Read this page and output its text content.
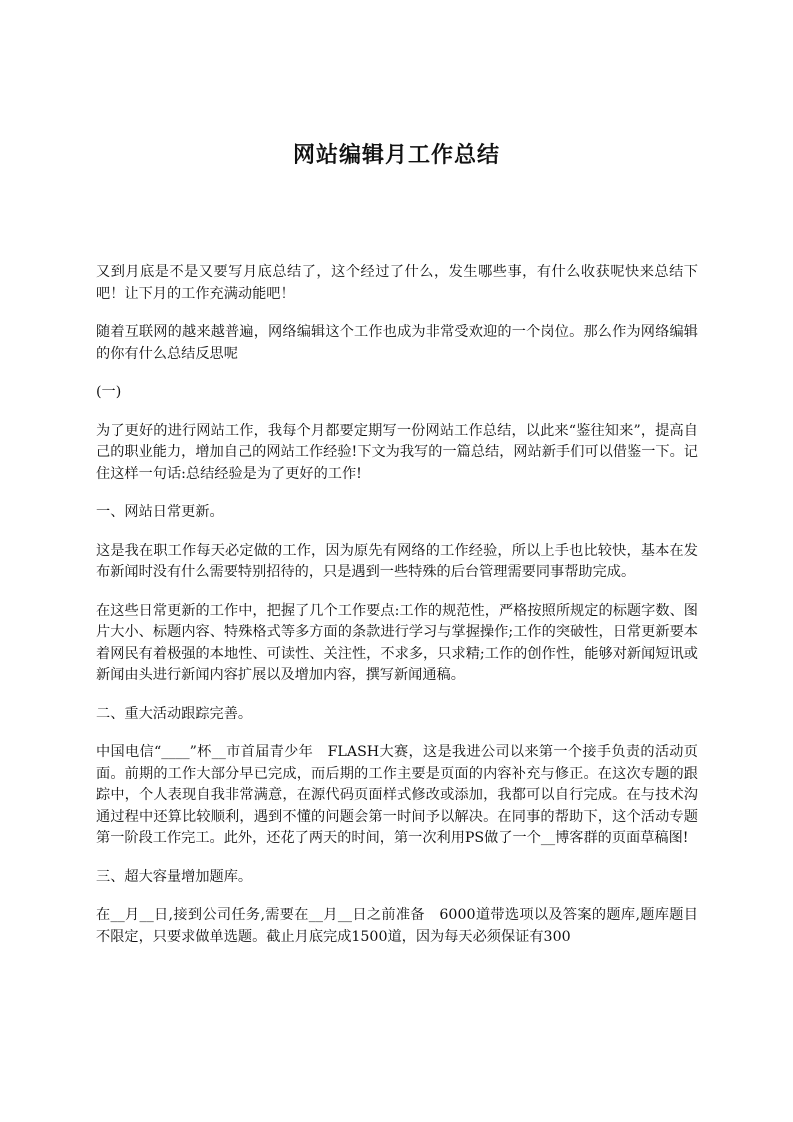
网站编辑月工作总结

又到月底是不是又要写月底总结了，这个经过了什么，发生哪些事，有什么收获呢快来总结下吧！让下月的工作充满动能吧！

随着互联网的越来越普遍，网络编辑这个工作也成为非常受欢迎的一个岗位。那么作为网络编辑的你有什么总结反思呢

(一)

为了更好的进行网站工作，我每个月都要定期写一份网站工作总结，以此来“鉴往知来”，提高自己的职业能力，增加自己的网站工作经验!下文为我写的一篇总结，网站新手们可以借鉴一下。记住这样一句话:总结经验是为了更好的工作!

一、网站日常更新。

这是我在职工作每天必定做的工作，因为原先有网络的工作经验，所以上手也比较快，基本在发布新闻时没有什么需要特别招待的，只是遇到一些特殊的后台管理需要同事帮助完成。

在这些日常更新的工作中，把握了几个工作要点:工作的规范性，严格按照所规定的标题字数、图片大小、标题内容、特殊格式等多方面的条款进行学习与掌握操作;工作的突破性，日常更新要本着网民有着极强的本地性、可读性、关注性，不求多，只求精;工作的创作性，能够对新闻短讯或新闻由头进行新闻内容扩展以及增加内容，撰写新闻通稿。

二、重大活动跟踪完善。

中国电信“____”杯__市首届青少年　FLASH大赛，这是我进公司以来第一个接手负责的活动页面。前期的工作大部分早已完成，而后期的工作主要是页面的内容补充与修正。在这次专题的跟踪中，个人表现自我非常满意，在源代码页面样式修改或添加，我都可以自行完成。在与技术沟通过程中还算比较顺利，遇到不懂的问题会第一时间予以解决。在同事的帮助下，这个活动专题第一阶段工作完工。此外，还花了两天的时间，第一次利用PS做了一个__博客群的页面草稿图!

三、超大容量增加题库。

在__月__日,接到公司任务,需要在__月__日之前准备　6000道带选项以及答案的题库,题库题目不限定，只要求做单选题。截止月底完成1500道，因为每天必须保证有300
